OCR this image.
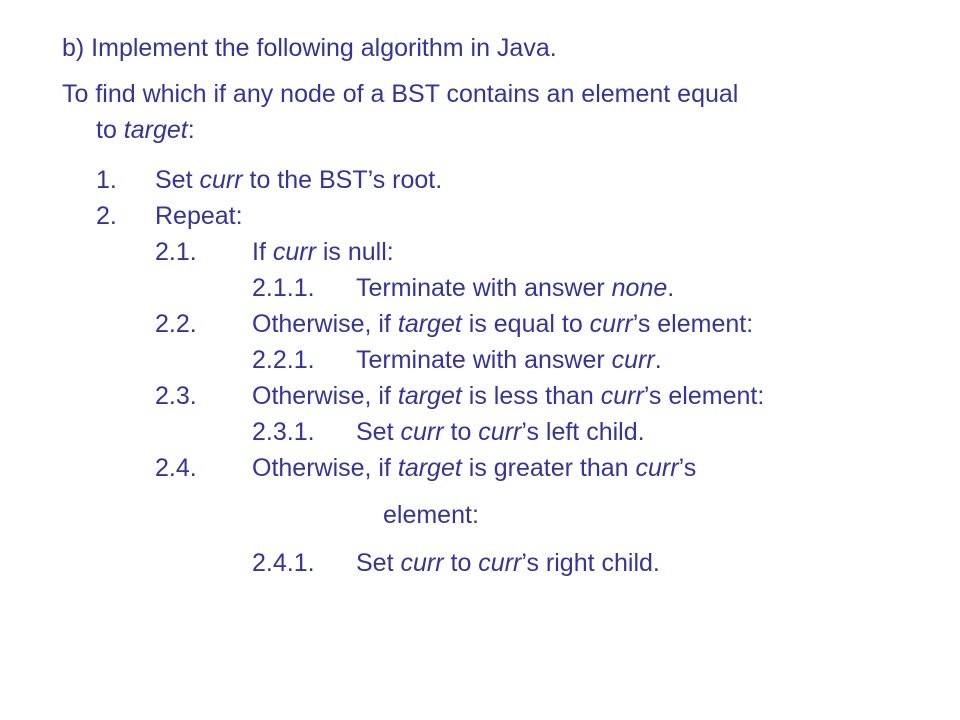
b) Implement the following algorithm in Java.
To find which if any node of a BST contains an element equal
to target:
1. Set curr to the BST’s root.
2. Repeat:
2.1. If curr is null:
2.1.1. Terminate with answer none.
2.2. Otherwise, if target is equal to curr’s element:
2.2.1. Terminate with answer curr.
2.3. Otherwise, if target is less than curr’s element:
2.3.1. Set curr to curr’s left child.
2.4. Otherwise, if target is greater than curr’s
element:
2.4.1. Set curr to curr’s right child.
